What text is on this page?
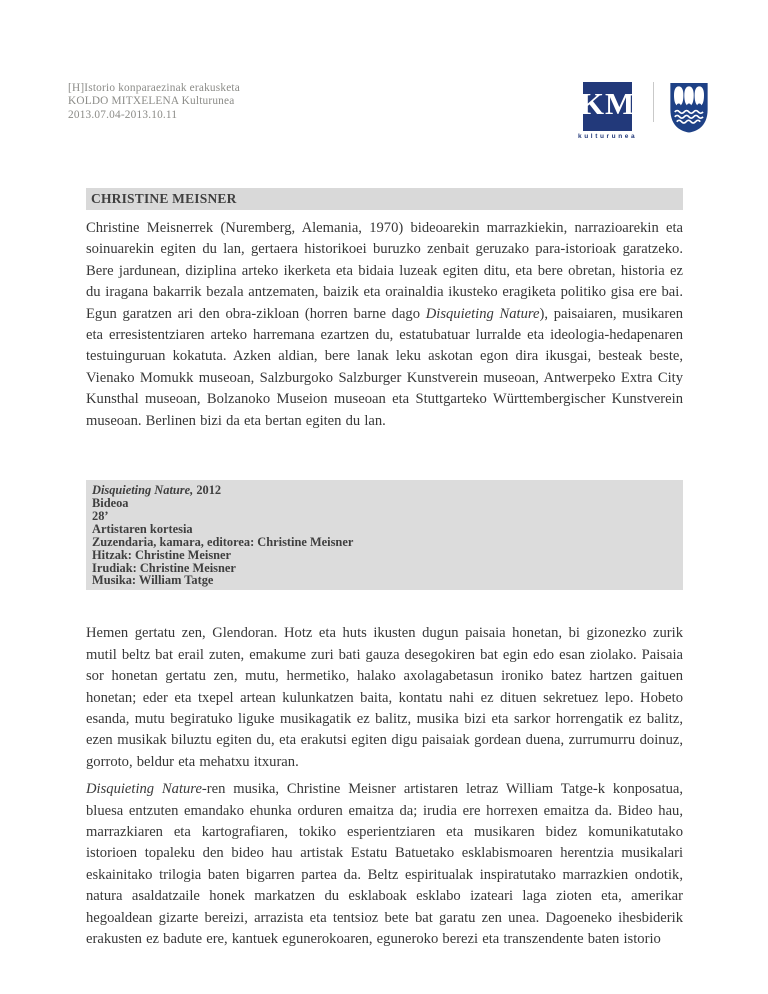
[H]Istorio konparaezinak erakusketa
KOLDO MITXELENA Kulturunea
2013.07.04-2013.10.11	KM
kulturunea
CHRISTINE MEISNER

Christine Meisnerrek (Nuremberg, Alemania, 1970) bideoarekin marrazkiekin, narrazioarekin eta soinuarekin egiten du lan, gertaera historikoei buruzko zenbait geruzako para-istorioak garatzeko. Bere jardunean, diziplina arteko ikerketa eta bidaia luzeak egiten ditu, eta bere obretan, historia ez du iragana bakarrik bezala antzematen, baizik eta orainaldia ikusteko eragiketa politiko gisa ere bai. Egun garatzen ari den obra-zikloan (horren barne dago Disquieting Nature), paisaiaren, musikaren eta erresistentziaren arteko harremana ezartzen du, estatubatuar lurralde eta ideologia-hedapenaren testuinguruan kokatuta. Azken aldian, bere lanak leku askotan egon dira ikusgai, besteak beste, Vienako Momukk museoan, Salzburgoko Salzburger Kunstverein museoan, Antwerpeko Extra City Kunsthal museoan, Bolzanoko Museion museoan eta Stuttgarteko Württembergischer Kunstverein museoan. Berlinen bizi da eta bertan egiten du lan.

Disquieting Nature, 2012
Bideoa
28’
Artistaren kortesia
Zuzendaria, kamara, editorea: Christine Meisner
Hitzak: Christine Meisner
Irudiak: Christine Meisner
Musika: William Tatge

Hemen gertatu zen, Glendoran. Hotz eta huts ikusten dugun paisaia honetan, bi gizonezko zurik mutil beltz bat erail zuten, emakume zuri bati gauza desegokiren bat egin edo esan ziolako. Paisaia sor honetan gertatu zen, mutu, hermetiko, halako axolagabetasun ironiko batez hartzen gaituen honetan; eder eta txepel artean kulunkatzen baita, kontatu nahi ez dituen sekretuez lepo. Hobeto esanda, mutu begiratuko liguke musikagatik ez balitz, musika bizi eta sarkor horrengatik ez balitz, ezen musikak biluztu egiten du, eta erakutsi egiten digu paisaiak gordean duena, zurrumurru doinuz, gorroto, beldur eta mehatxu itxuran.

Disquieting Nature-ren musika, Christine Meisner artistaren letraz William Tatge-k konposatua, bluesa entzuten emandako ehunka orduren emaitza da; irudia ere horrexen emaitza da. Bideo hau, marrazkiaren eta kartografiaren, tokiko esperientziaren eta musikaren bidez komunikatutako istorioen topaleku den bideo hau artistak Estatu Batuetako esklabismoaren herentzia musikalari eskainitako trilogia baten bigarren partea da. Beltz espiritualak inspiratutako marrazkien ondotik, natura asaldatzaile honek markatzen du esklaboak esklabo izateari laga zioten eta, amerikar hegoaldean gizarte bereizi, arrazista eta tentsioz bete bat garatu zen unea. Dagoeneko ihesbiderik erakusten ez badute ere, kantuek egunerokoaren, eguneroko berezi eta transzendente baten istorio
